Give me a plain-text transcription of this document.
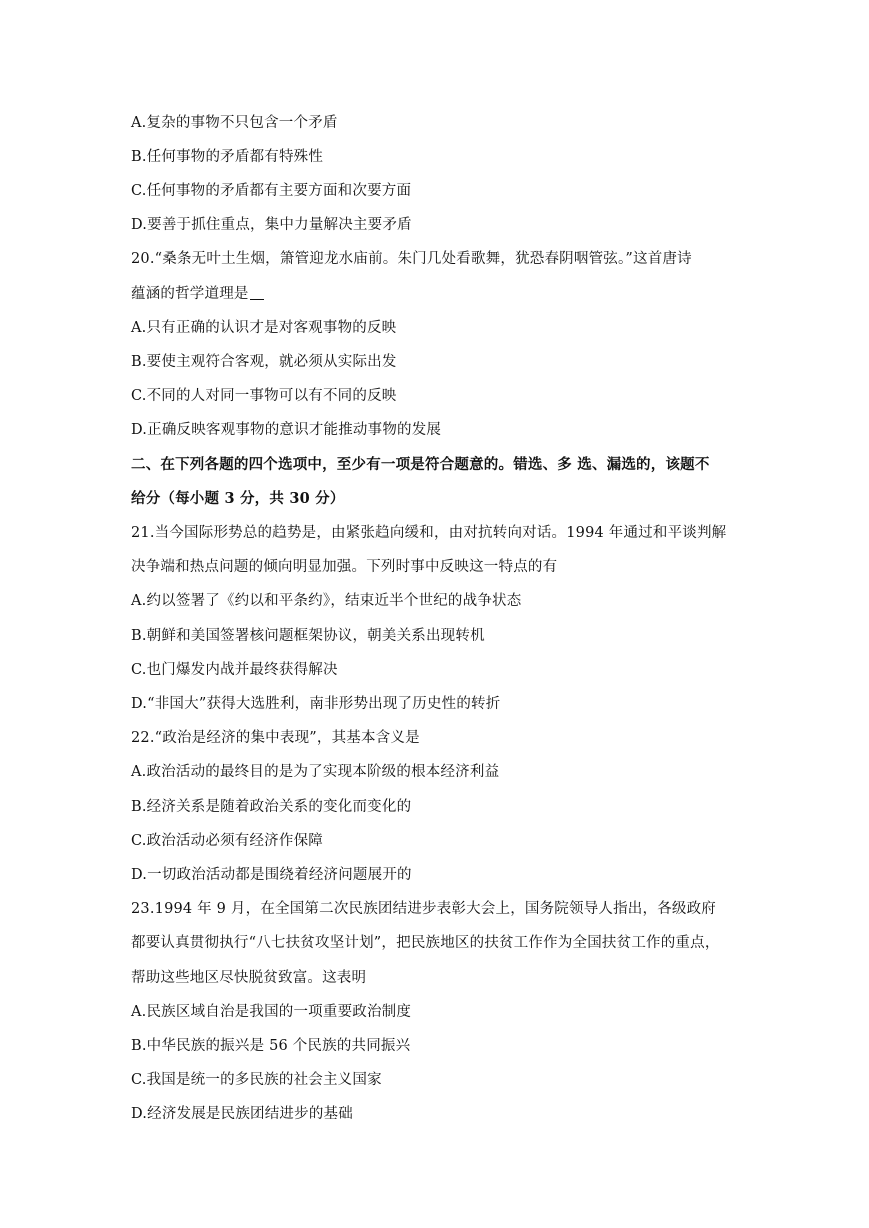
A.复杂的事物不只包含一个矛盾
B.任何事物的矛盾都有特殊性
C.任何事物的矛盾都有主要方面和次要方面
D.要善于抓住重点，集中力量解决主要矛盾
20.“桑条无叶土生烟，箫管迎龙水庙前。朱门几处看歌舞，犹恐春阴咽管弦。”这首唐诗
蕴涵的哲学道理是
A.只有正确的认识才是对客观事物的反映
B.要使主观符合客观，就必须从实际出发
C.不同的人对同一事物可以有不同的反映
D.正确反映客观事物的意识才能推动事物的发展
二、在下列各题的四个选项中，至少有一项是符合题意的。错选、多 选、漏选的，该题不
给分（每小题 3 分，共 30 分）
21.当今国际形势总的趋势是，由紧张趋向缓和，由对抗转向对话。1994 年通过和平谈判解
决争端和热点问题的倾向明显加强。下列时事中反映这一特点的有
A.约以签署了《约以和平条约》，结束近半个世纪的战争状态
B.朝鲜和美国签署核问题框架协议，朝美关系出现转机
C.也门爆发内战并最终获得解决
D.“非国大”获得大选胜利，南非形势出现了历史性的转折
22.“政治是经济的集中表现”，其基本含义是
A.政治活动的最终目的是为了实现本阶级的根本经济利益
B.经济关系是随着政治关系的变化而变化的
C.政治活动必须有经济作保障
D.一切政治活动都是围绕着经济问题展开的
23.1994 年 9 月，在全国第二次民族团结进步表彰大会上，国务院领导人指出，各级政府
都要认真贯彻执行“八七扶贫攻坚计划”，把民族地区的扶贫工作作为全国扶贫工作的重点，
帮助这些地区尽快脱贫致富。这表明
A.民族区域自治是我国的一项重要政治制度
B.中华民族的振兴是 56 个民族的共同振兴
C.我国是统一的多民族的社会主义国家
D.经济发展是民族团结进步的基础
